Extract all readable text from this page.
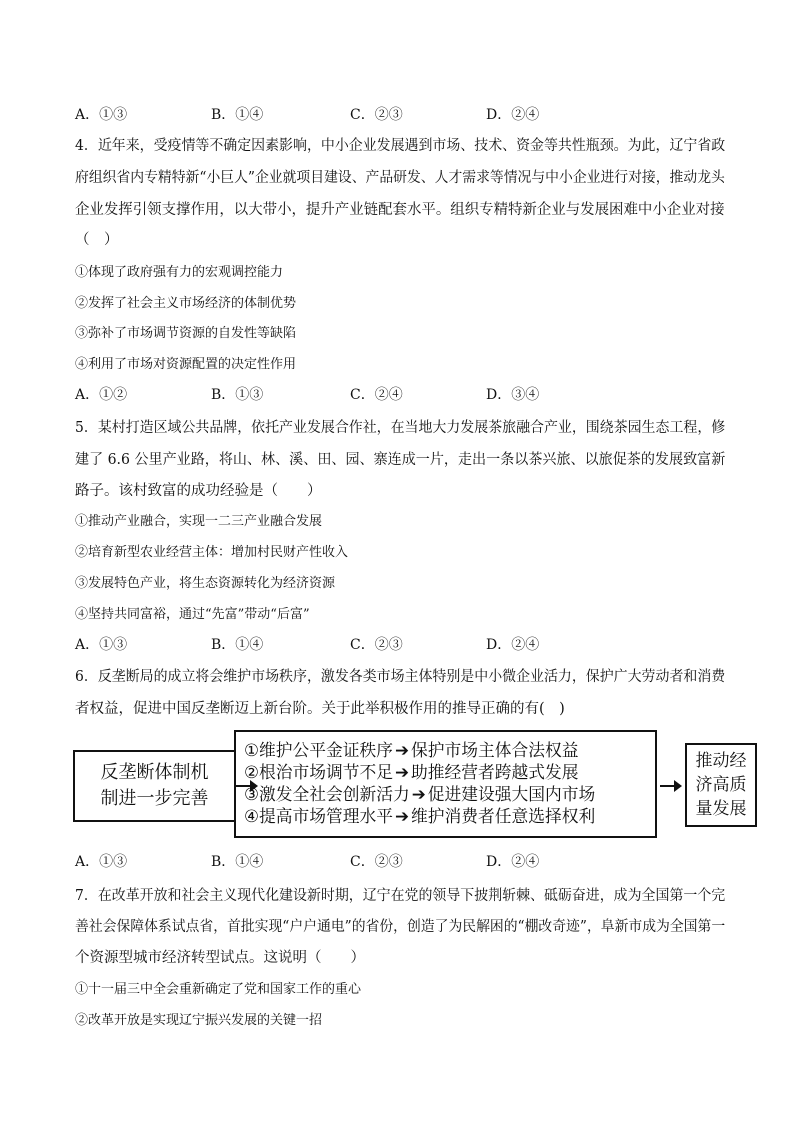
A．①③	B．①④	C．②③	D．②④
4．近年来，受疫情等不确定因素影响，中小企业发展遇到市场、技术、资金等共性瓶颈。为此，辽宁省政
府组织省内专精特新“小巨人”企业就项目建设、产品研发、人才需求等情况与中小企业进行对接，推动龙头
企业发挥引领支撑作用，以大带小，提升产业链配套水平。组织专精特新企业与发展困难中小企业对接
（　）
①体现了政府强有力的宏观调控能力
②发挥了社会主义市场经济的体制优势
③弥补了市场调节资源的自发性等缺陷
④利用了市场对资源配置的决定性作用
A．①②	B．①③	C．②④	D．③④
5．某村打造区域公共品牌，依托产业发展合作社，在当地大力发展茶旅融合产业，围绕茶园生态工程，修
建了 6.6 公里产业路，将山、林、溪、田、园、寨连成一片，走出一条以茶兴旅、以旅促茶的发展致富新
路子。该村致富的成功经验是（　　）
①推动产业融合，实现一二三产业融合发展
②培育新型农业经营主体：增加村民财产性收入
③发展特色产业，将生态资源转化为经济资源
④坚持共同富裕，通过“先富”带动“后富”
A．①③	B．①④	C．②③	D．②④
6．反垄断局的成立将会维护市场秩序，激发各类市场主体特别是中小微企业活力，保护广大劳动者和消费
者权益，促进中国反垄断迈上新台阶。关于此举积极作用的推导正确的有(　)
反垄断体制机
制进一步完善
①维护公平金证秩序 ➔ 保护市场主体合法权益
②根治市场调节不足 ➔ 助推经营者跨越式发展
③激发全社会创新活力 ➔ 促进建设强大国内市场
④提高市场管理水平 ➔ 维护消费者任意选择权利
推动经
济高质
量发展
A．①③	B．①④	C．②③	D．②④
7．在改革开放和社会主义现代化建设新时期，辽宁在党的领导下披荆斩棘、砥砺奋进，成为全国第一个完
善社会保障体系试点省，首批实现“户户通电”的省份，创造了为民解困的“棚改奇迹”，阜新市成为全国第一
个资源型城市经济转型试点。这说明（　　）
①十一届三中全会重新确定了党和国家工作的重心
②改革开放是实现辽宁振兴发展的关键一招
